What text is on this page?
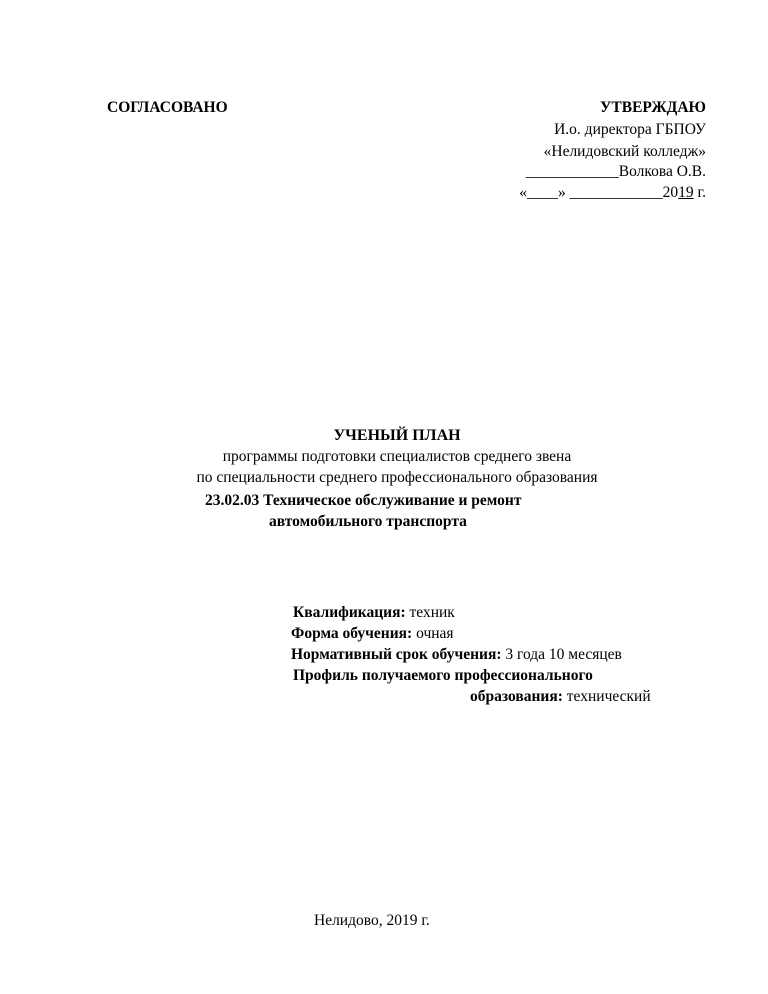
СОГЛАСОВАНО	УТВЕРЖДАЮ
И.о. директора ГБПОУ
«Нелидовский колледж»
____________Волкова О.В.
«____» ____________2019 г.
УЧЕНЫЙ ПЛАН
программы подготовки специалистов среднего звена
по специальности среднего профессионального образования
23.02.03 Техническое обслуживание и ремонт
автомобильного транспорта
Квалификация: техник
Форма обучения: очная
Нормативный срок обучения: 3 года 10 месяцев
Профиль получаемого профессионального
образования: технический
Нелидово, 2019 г.
